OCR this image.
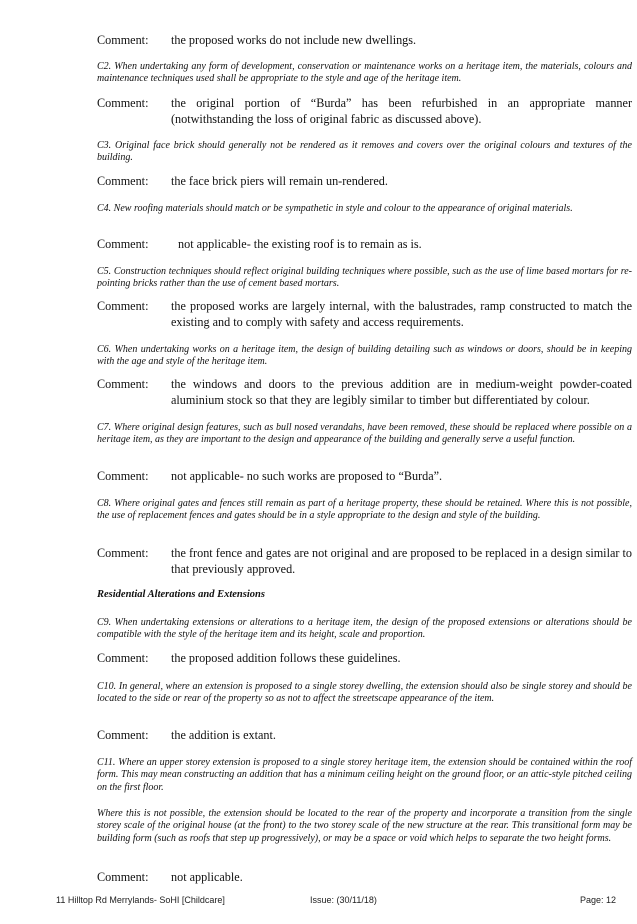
Comment: the proposed works do not include new dwellings.
C2. When undertaking any form of development, conservation or maintenance works on a heritage item, the materials, colours and maintenance techniques used shall be appropriate to the style and age of the heritage item.
Comment: the original portion of “Burda” has been refurbished in an appropriate manner (notwithstanding the loss of original fabric as discussed above).
C3. Original face brick should generally not be rendered as it removes and covers over the original colours and textures of the building.
Comment: the face brick piers will remain un-rendered.
C4. New roofing materials should match or be sympathetic in style and colour to the appearance of original materials.
Comment: not applicable- the existing roof is to remain as is.
C5. Construction techniques should reflect original building techniques where possible, such as the use of lime based mortars for re-pointing bricks rather than the use of cement based mortars.
Comment: the proposed works are largely internal, with the balustrades, ramp constructed to match the existing and to comply with safety and access requirements.
C6. When undertaking works on a heritage item, the design of building detailing such as windows or doors, should be in keeping with the age and style of the heritage item.
Comment: the windows and doors to the previous addition are in medium-weight powder-coated aluminium stock so that they are legibly similar to timber but differentiated by colour.
C7. Where original design features, such as bull nosed verandahs, have been removed, these should be replaced where possible on a heritage item, as they are important to the design and appearance of the building and generally serve a useful function.
Comment: not applicable- no such works are proposed to “Burda”.
C8. Where original gates and fences still remain as part of a heritage property, these should be retained. Where this is not possible, the use of replacement fences and gates should be in a style appropriate to the design and style of the building.
Comment: the front fence and gates are not original and are proposed to be replaced in a design similar to that previously approved.
Residential Alterations and Extensions
C9. When undertaking extensions or alterations to a heritage item, the design of the proposed extensions or alterations should be compatible with the style of the heritage item and its height, scale and proportion.
Comment: the proposed addition follows these guidelines.
C10. In general, where an extension is proposed to a single storey dwelling, the extension should also be single storey and should be located to the side or rear of the property so as not to affect the streetscape appearance of the item.
Comment: the addition is extant.
C11. Where an upper storey extension is proposed to a single storey heritage item, the extension should be contained within the roof form. This may mean constructing an addition that has a minimum ceiling height on the ground floor, or an attic-style pitched ceiling on the first floor.
Where this is not possible, the extension should be located to the rear of the property and incorporate a transition from the single storey scale of the original house (at the front) to the two storey scale of the new structure at the rear. This transitional form may be building form (such as roofs that step up progressively), or may be a space or void which helps to separate the two height forms.
Comment: not applicable.
11 Hilltop Rd Merrylands- SoHI [Childcare]	Issue: (30/11/18)	Page: 12
